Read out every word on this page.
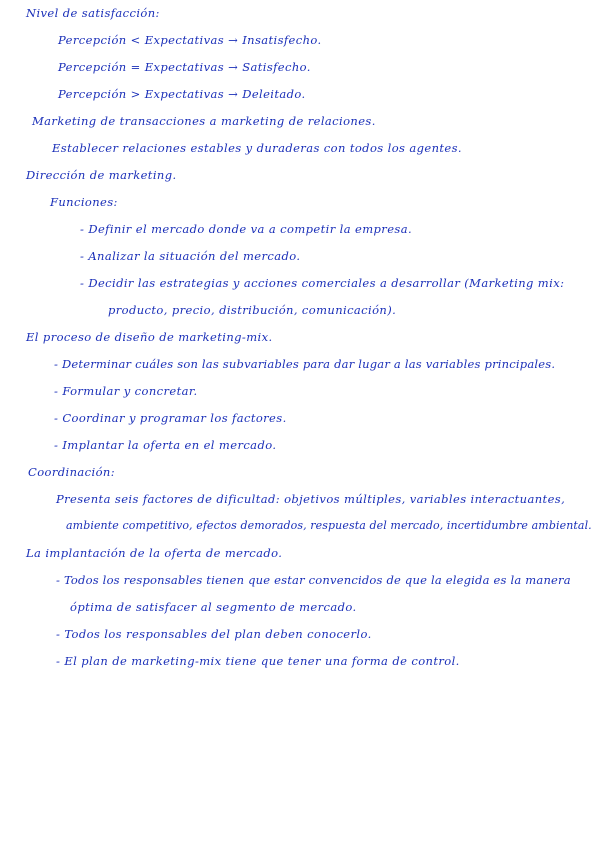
Nivel de satisfacción:
Percepción < Expectativas → Insatisfecho.
Percepción = Expectativas → Satisfecho.
Percepción > Expectativas → Deleitado.
Marketing de transacciones a marketing de relaciones.
Establecer relaciones estables y duraderas con todos los agentes.
Dirección de marketing.
Funciones:
- Definir el mercado donde va a competir la empresa.
- Analizar la situación del mercado.
- Decidir las estrategias y acciones comerciales a desarrollar (Marketing mix:
producto, precio, distribución, comunicación).
El proceso de diseño de marketing-mix.
- Determinar cuáles son las subvariables para dar lugar a las variables principales.
- Formular y concretar.
- Coordinar y programar los factores.
- Implantar la oferta en el mercado.
Coordinación:
Presenta seis factores de dificultad: objetivos múltiples, variables interactuantes,
ambiente competitivo, efectos demorados, respuesta del mercado, incertidumbre ambiental.
La implantación de la oferta de mercado.
- Todos los responsables tienen que estar convencidos de que la elegida es la manera
óptima de satisfacer al segmento de mercado.
- Todos los responsables del plan deben conocerlo.
- El plan de marketing-mix tiene que tener una forma de control.
